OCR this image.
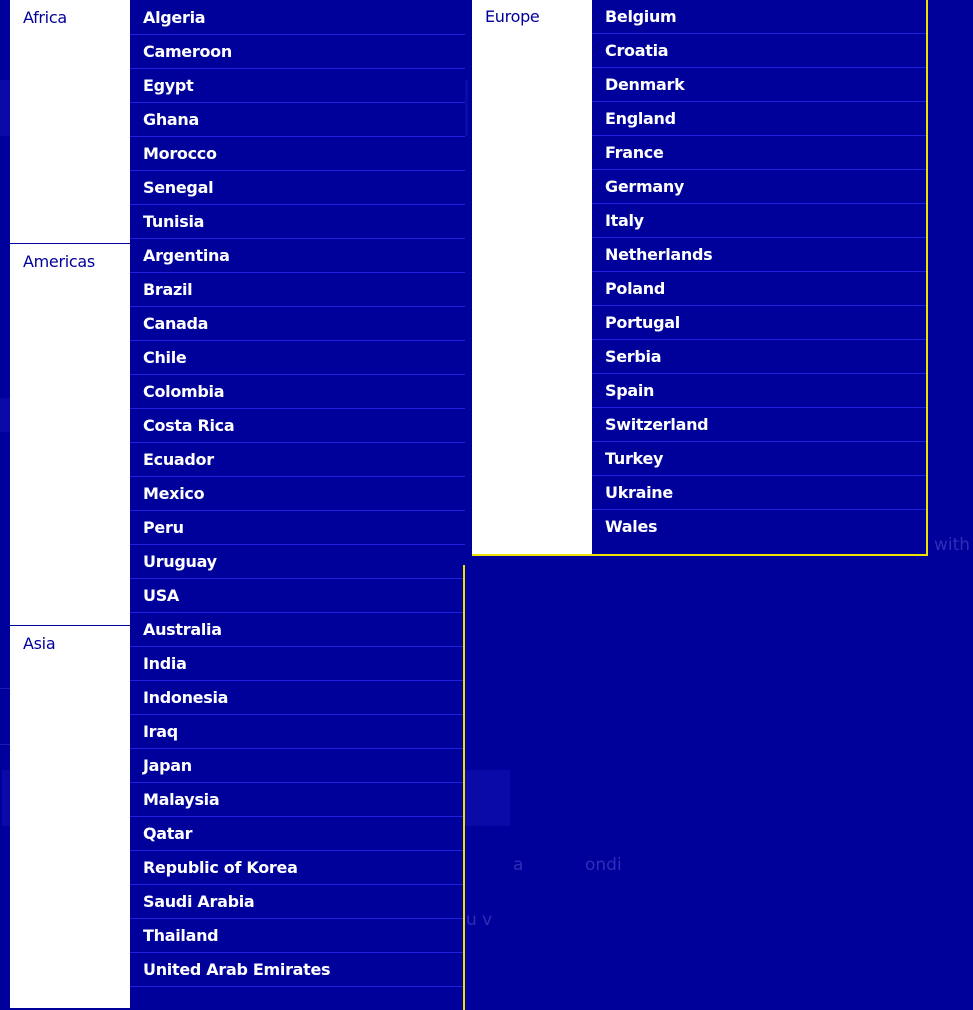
with
a	ondi
u v
Africa
Americas
Asia
Algeria
Cameroon
Egypt
Ghana
Morocco
Senegal
Tunisia
Argentina
Brazil
Canada
Chile
Colombia
Costa Rica
Ecuador
Mexico
Peru
Uruguay
USA
Australia
India
Indonesia
Iraq
Japan
Malaysia
Qatar
Republic of Korea
Saudi Arabia
Thailand
United Arab Emirates
Europe	Belgium
Croatia
Denmark
England
France
Germany
Italy
Netherlands
Poland
Portugal
Serbia
Spain
Switzerland
Turkey
Ukraine
Wales
